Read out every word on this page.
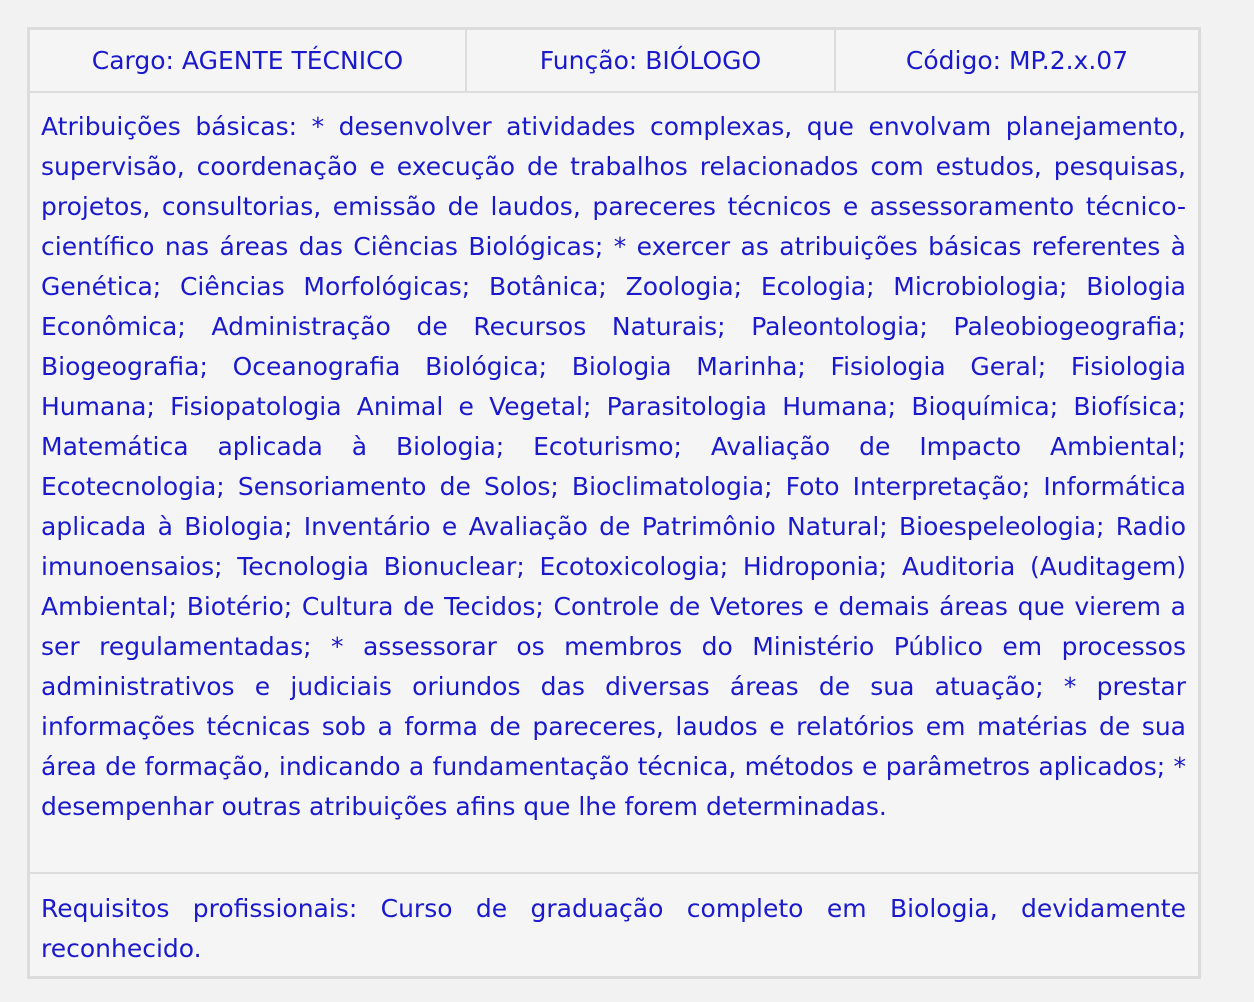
Cargo: AGENTE TÉCNICO	Função: BIÓLOGO	Código: MP.2.x.07
Atribuições básicas: * desenvolver atividades complexas, que envolvam planejamento, supervisão, coordenação e execução de trabalhos relacionados com estudos, pesquisas, projetos, consultorias, emissão de laudos, pareceres técnicos e assessoramento técnico-científico nas áreas das Ciências Biológicas; * exercer as atribuições básicas referentes à Genética; Ciências Morfológicas; Botânica; Zoologia; Ecologia; Microbiologia; Biologia Econômica; Administração de Recursos Naturais; Paleontologia; Paleobiogeografia; Biogeografia; Oceanografia Biológica; Biologia Marinha; Fisiologia Geral; Fisiologia Humana; Fisiopatologia Animal e Vegetal; Parasitologia Humana; Bioquímica; Biofísica; Matemática aplicada à Biologia; Ecoturismo; Avaliação de Impacto Ambiental; Ecotecnologia; Sensoriamento de Solos; Bioclimatologia; Foto Interpretação; Informática aplicada à Biologia; Inventário e Avaliação de Patrimônio Natural; Bioespeleologia; Radio imunoensaios; Tecnologia Bionuclear; Ecotoxicologia; Hidroponia; Auditoria (Auditagem) Ambiental; Biotério; Cultura de Tecidos; Controle de Vetores e demais áreas que vierem a ser regulamentadas; * assessorar os membros do Ministério Público em processos administrativos e judiciais oriundos das diversas áreas de sua atuação; * prestar informações técnicas sob a forma de pareceres, laudos e relatórios em matérias de sua área de formação, indicando a fundamentação técnica, métodos e parâmetros aplicados; * desempenhar outras atribuições afins que lhe forem determinadas.
Requisitos profissionais: Curso de graduação completo em Biologia, devidamente reconhecido.
